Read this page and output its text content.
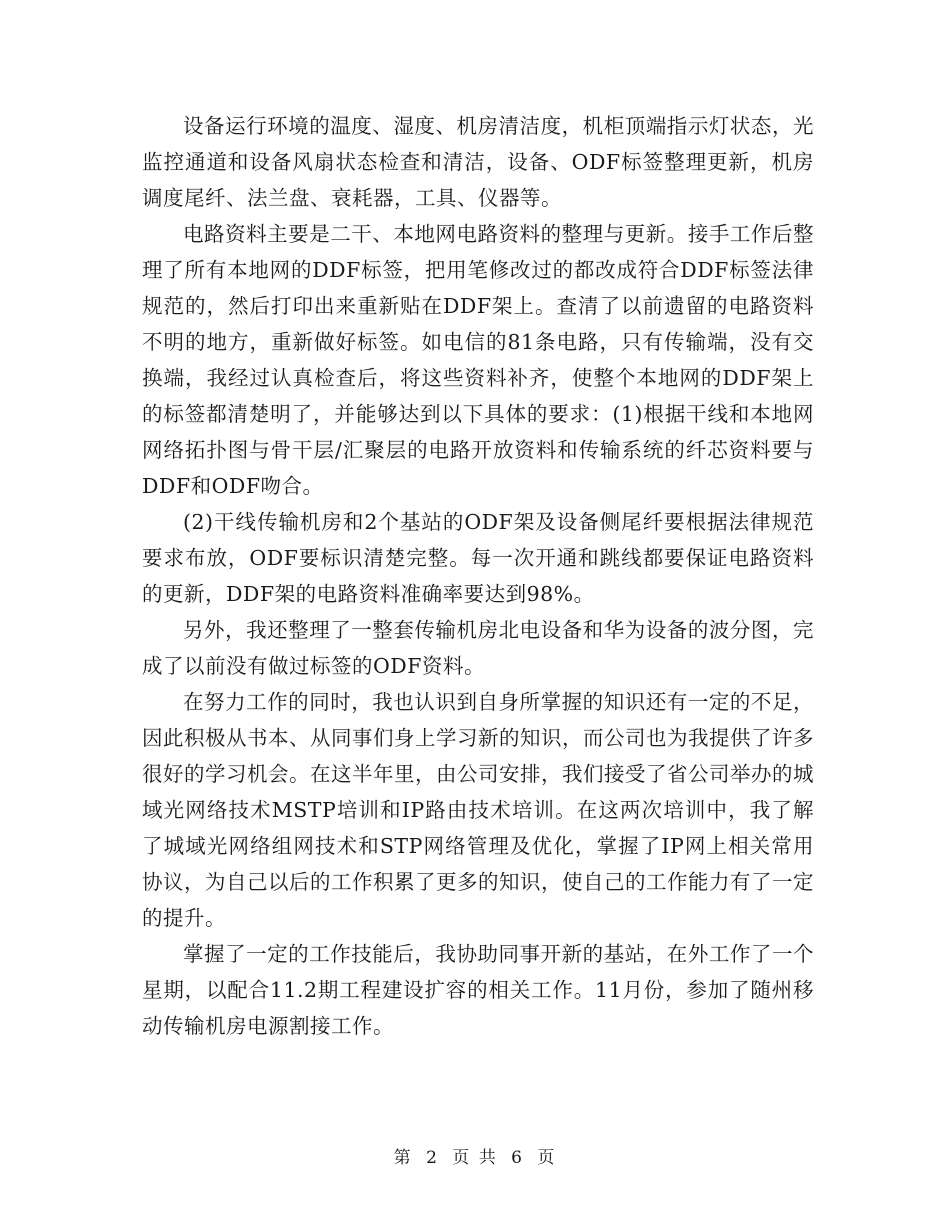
设备运行环境的温度、湿度、机房清洁度，机柜顶端指示灯状态，光监控通道和设备风扇状态检查和清洁，设备、ODF标签整理更新，机房调度尾纤、法兰盘、衰耗器，工具、仪器等。

电路资料主要是二干、本地网电路资料的整理与更新。接手工作后整理了所有本地网的DDF标签，把用笔修改过的都改成符合DDF标签法律规范的，然后打印出来重新贴在DDF架上。查清了以前遗留的电路资料不明的地方，重新做好标签。如电信的81条电路，只有传输端，没有交换端，我经过认真检查后，将这些资料补齐，使整个本地网的DDF架上的标签都清楚明了，并能够达到以下具体的要求：(1)根据干线和本地网网络拓扑图与骨干层/汇聚层的电路开放资料和传输系统的纤芯资料要与DDF和ODF吻合。

(2)干线传输机房和2个基站的ODF架及设备侧尾纤要根据法律规范要求布放，ODF要标识清楚完整。每一次开通和跳线都要保证电路资料的更新，DDF架的电路资料准确率要达到98%。

另外，我还整理了一整套传输机房北电设备和华为设备的波分图，完成了以前没有做过标签的ODF资料。

在努力工作的同时，我也认识到自身所掌握的知识还有一定的不足，因此积极从书本、从同事们身上学习新的知识，而公司也为我提供了许多很好的学习机会。在这半年里，由公司安排，我们接受了省公司举办的城域光网络技术MSTP培训和IP路由技术培训。在这两次培训中，我了解了城域光网络组网技术和STP网络管理及优化，掌握了IP网上相关常用协议，为自己以后的工作积累了更多的知识，使自己的工作能力有了一定的提升。

掌握了一定的工作技能后，我协助同事开新的基站，在外工作了一个星期，以配合11.2期工程建设扩容的相关工作。11月份，参加了随州移动传输机房电源割接工作。

第 2 页 共 6 页
